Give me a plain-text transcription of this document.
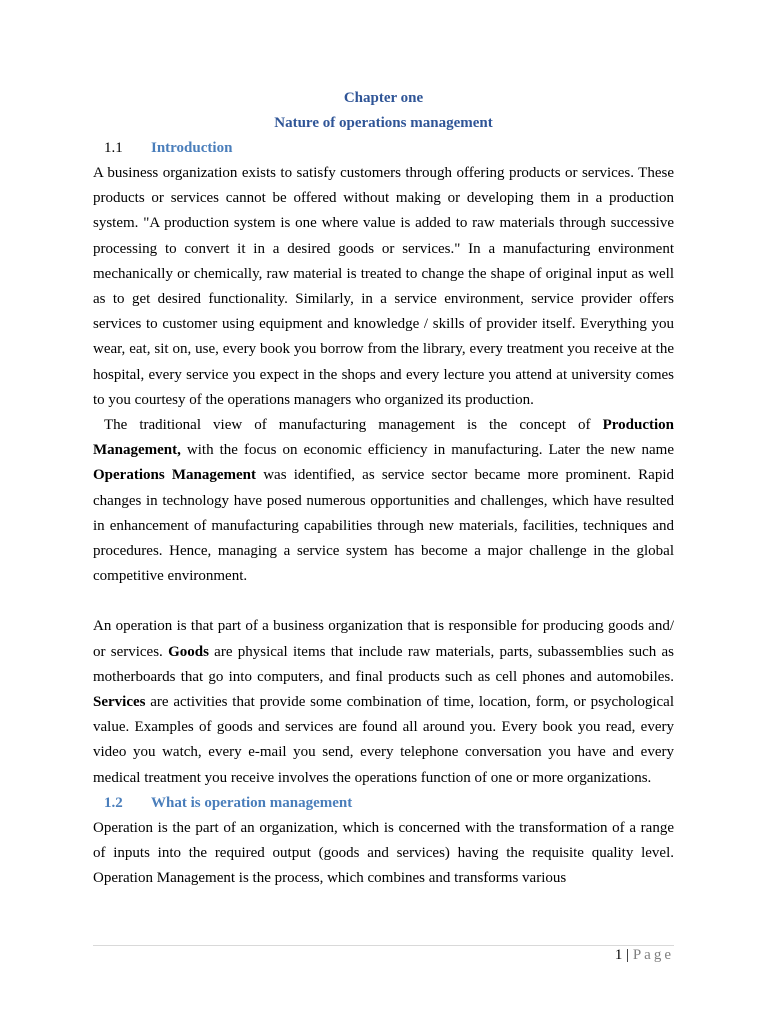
Chapter one
Nature of operations management
1.1 Introduction

A business organization exists to satisfy customers through offering products or services. These products or services cannot be offered without making or developing them in a production system. "A production system is one where value is added to raw materials through successive processing to convert it in a desired goods or services." In a manufacturing environment mechanically or chemically, raw material is treated to change the shape of original input as well as to get desired functionality. Similarly, in a service environment, service provider offers services to customer using equipment and knowledge / skills of provider itself. Everything you wear, eat, sit on, use, every book you borrow from the library, every treatment you receive at the hospital, every service you expect in the shops and every lecture you attend at university comes to you courtesy of the operations managers who organized its production.

The traditional view of manufacturing management is the concept of Production Management, with the focus on economic efficiency in manufacturing. Later the new name Operations Management was identified, as service sector became more prominent. Rapid changes in technology have posed numerous opportunities and challenges, which have resulted in enhancement of manufacturing capabilities through new materials, facilities, techniques and procedures. Hence, managing a service system has become a major challenge in the global competitive environment.

An operation is that part of a business organization that is responsible for producing goods and/ or services. Goods are physical items that include raw materials, parts, subassemblies such as motherboards that go into computers, and final products such as cell phones and automobiles. Services are activities that provide some combination of time, location, form, or psychological value. Examples of goods and services are found all around you. Every book you read, every video you watch, every e-mail you send, every telephone conversation you have and every medical treatment you receive involves the operations function of one or more organizations.

1.2 What is operation management

Operation is the part of an organization, which is concerned with the transformation of a range of inputs into the required output (goods and services) having the requisite quality level. Operation Management is the process, which combines and transforms various

1 | Page
